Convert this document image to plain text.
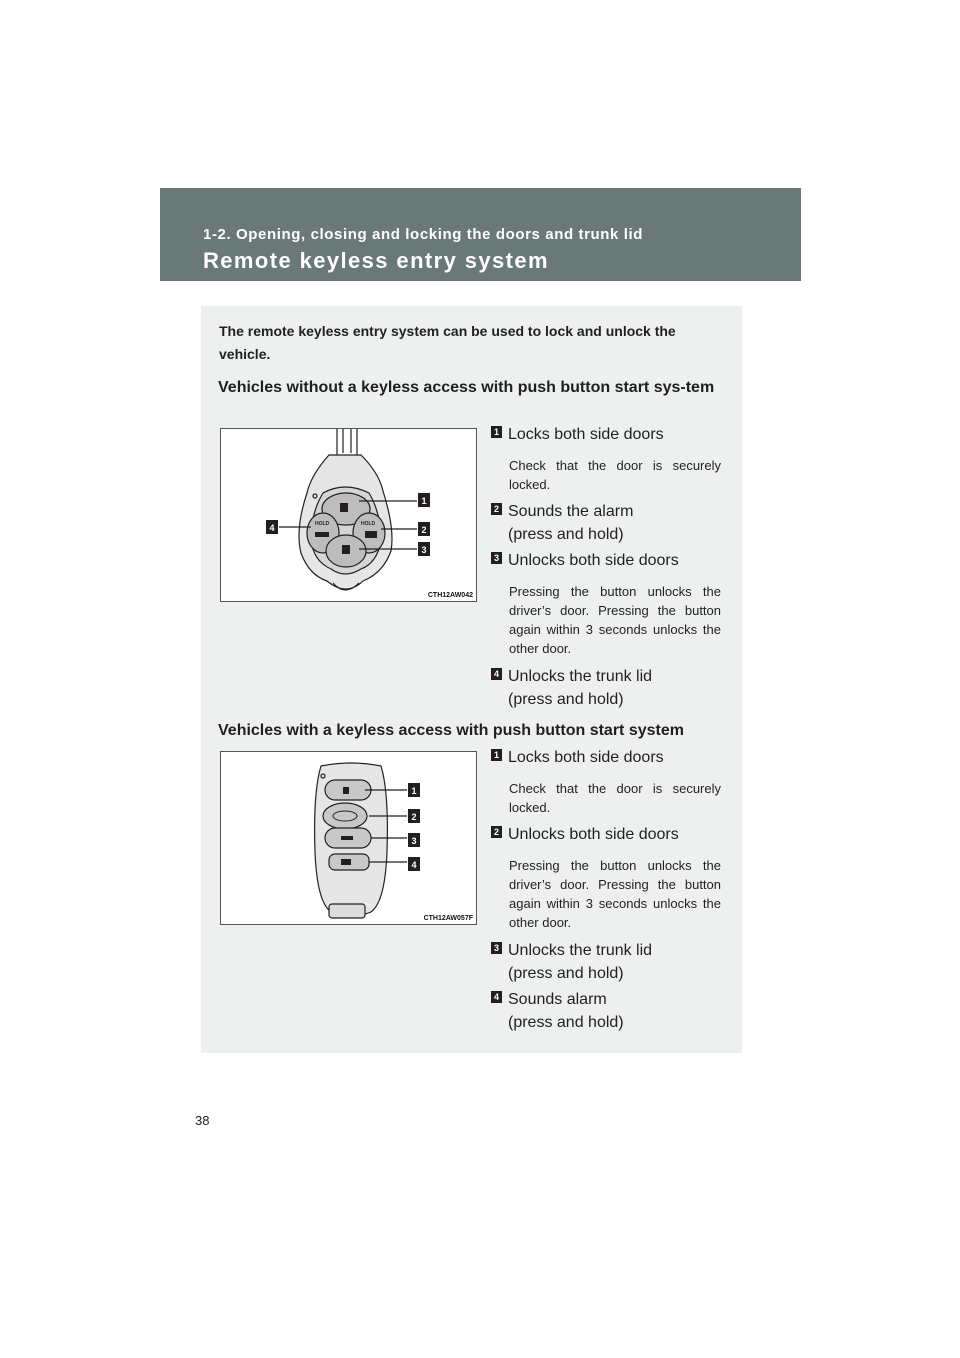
1-2. Opening, closing and locking the doors and trunk lid
Remote keyless entry system
The remote keyless entry system can be used to lock and unlock the vehicle.
Vehicles without a keyless access with push button start sys-tem
HOLD	HOLD
1
2
3
4
CTH12AW042
1 Locks both side doors
Check that the door is securely locked.
2 Sounds the alarm
(press and hold)
3 Unlocks both side doors
Pressing the button unlocks the driver’s door. Pressing the button again within 3 seconds unlocks the other door.
4 Unlocks the trunk lid
(press and hold)
Vehicles with a keyless access with push button start system
1
2
3
4
CTH12AW057F
1 Locks both side doors
Check that the door is securely locked.
2 Unlocks both side doors
Pressing the button unlocks the driver’s door. Pressing the button again within 3 seconds unlocks the other door.
3 Unlocks the trunk lid
(press and hold)
4 Sounds alarm
(press and hold)
38
